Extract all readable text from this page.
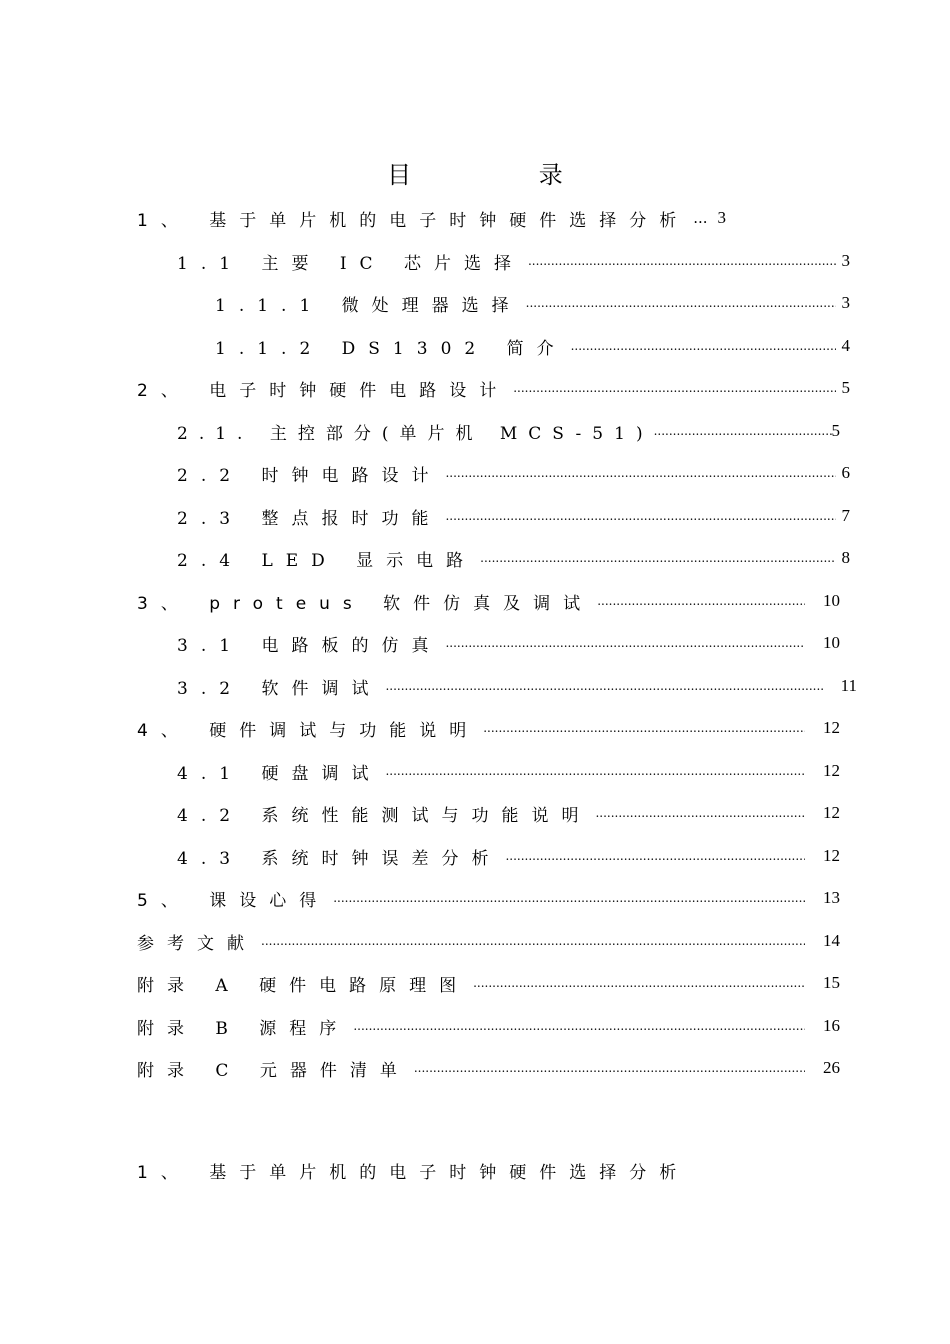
目 录
1、 基于单片机的电子时钟硬件选择分析 ... 3
1.1 主要 IC 芯片选择 .....	3
1.1.1 微处理器选择 .....	3
1.1.2 DS1302 简介 .....	4
2、 电子时钟硬件电路设计 .....	5
2.1. 主控部分(单片机 MCS-51) .....	5
2.2 时钟电路设计 .....	6
2.3 整点报时功能 .....	7
2.4 LED 显示电路 .....	8
3、 proteus 软件仿真及调试 .....	10
3.1 电路板的仿真 .....	10
3.2 软件调试 .....	11
4、 硬件调试与功能说明 .....	12
4.1 硬盘调试 .....	12
4.2 系统性能测试与功能说明 .....	12
4.3 系统时钟误差分析 .....	12
5、 课设心得 .....	13
参考文献 .....	14
附录 A 硬件电路原理图 .....	15
附录 B 源程序 .....	16
附录 C 元器件清单 .....	26
1、 基于单片机的电子时钟硬件选择分析
